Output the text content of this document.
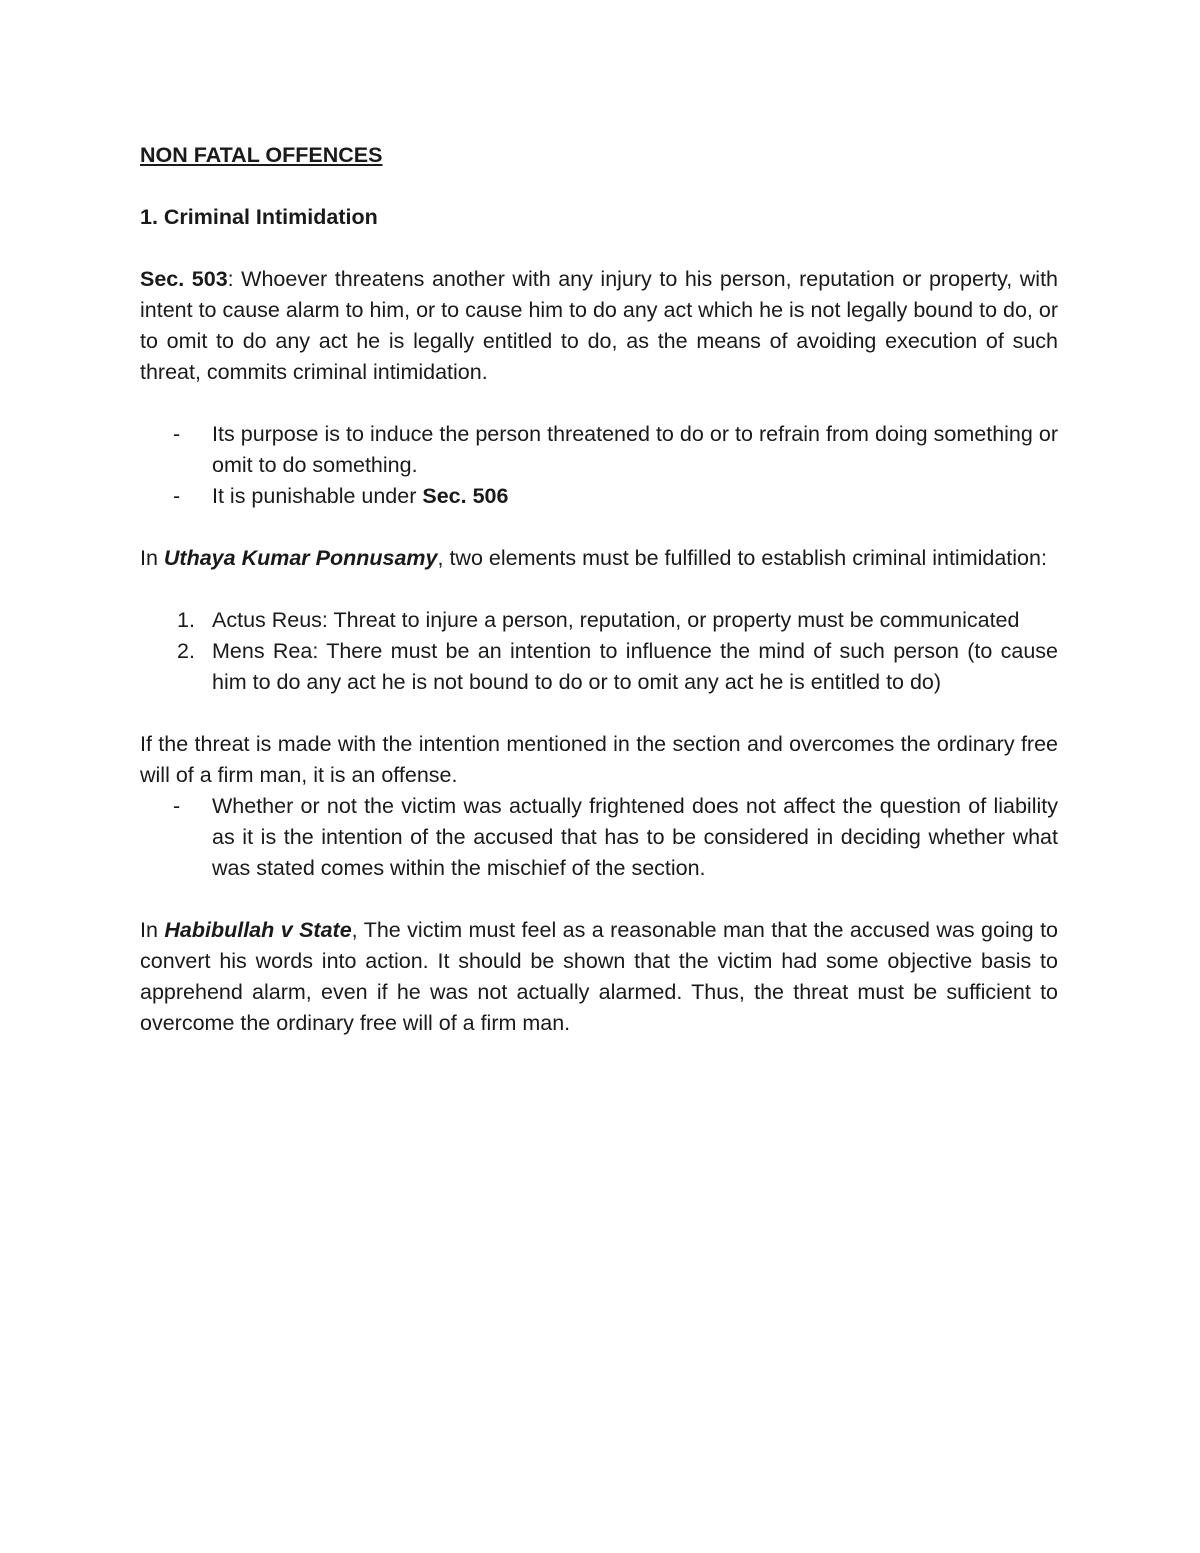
NON FATAL OFFENCES
1. Criminal Intimidation

Sec. 503: Whoever threatens another with any injury to his person, reputation or property, with intent to cause alarm to him, or to cause him to do any act which he is not legally bound to do, or to omit to do any act he is legally entitled to do, as the means of avoiding execution of such threat, commits criminal intimidation.

- Its purpose is to induce the person threatened to do or to refrain from doing something or omit to do something.
- It is punishable under Sec. 506

In Uthaya Kumar Ponnusamy, two elements must be fulfilled to establish criminal intimidation:

1. Actus Reus: Threat to injure a person, reputation, or property must be communicated
2. Mens Rea: There must be an intention to influence the mind of such person (to cause him to do any act he is not bound to do or to omit any act he is entitled to do)

If the threat is made with the intention mentioned in the section and overcomes the ordinary free will of a firm man, it is an offense.

- Whether or not the victim was actually frightened does not affect the question of liability as it is the intention of the accused that has to be considered in deciding whether what was stated comes within the mischief of the section.

In Habibullah v State, The victim must feel as a reasonable man that the accused was going to convert his words into action. It should be shown that the victim had some objective basis to apprehend alarm, even if he was not actually alarmed. Thus, the threat must be sufficient to overcome the ordinary free will of a firm man.
